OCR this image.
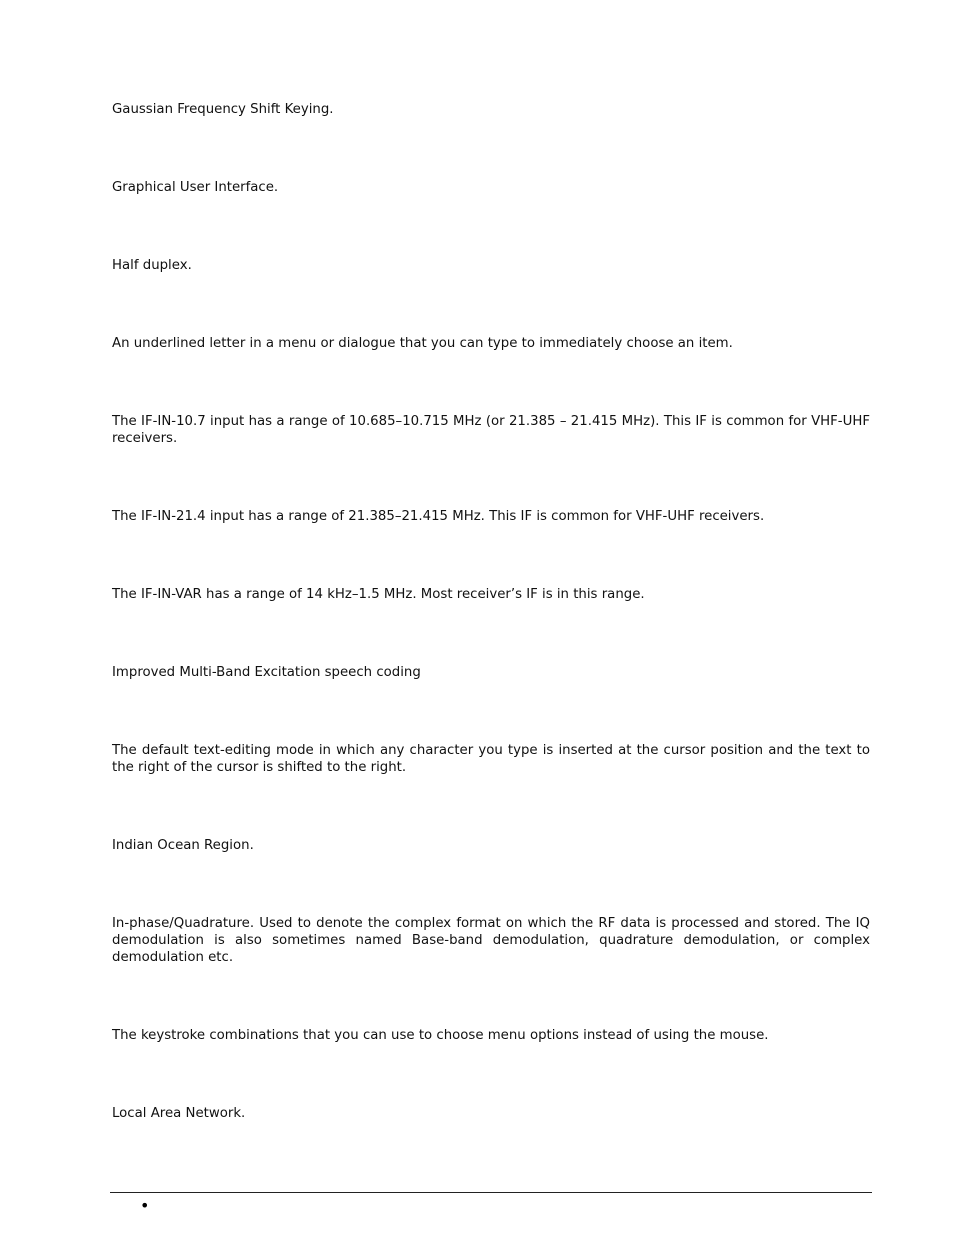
Gaussian Frequency Shift Keying.

Graphical User Interface.

Half duplex.

An underlined letter in a menu or dialogue that you can type to immediately choose an item.

The IF-IN-10.7 input has a range of 10.685–10.715 MHz (or 21.385 – 21.415 MHz). This IF is common for VHF-UHF receivers.

The IF-IN-21.4 input has a range of 21.385–21.415 MHz. This IF is common for VHF-UHF receivers.

The IF-IN-VAR has a range of 14 kHz–1.5 MHz. Most receiver’s IF is in this range.

Improved Multi-Band Excitation speech coding

The default text-editing mode in which any character you type is inserted at the cursor position and the text to the right of the cursor is shifted to the right.

Indian Ocean Region.

In-phase/Quadrature. Used to denote the complex format on which the RF data is processed and stored. The IQ demodulation is also sometimes named Base-band demodulation, quadrature demodulation, or complex demodulation etc.

The keystroke combinations that you can use to choose menu options instead of using the mouse.

Local Area Network.

•
